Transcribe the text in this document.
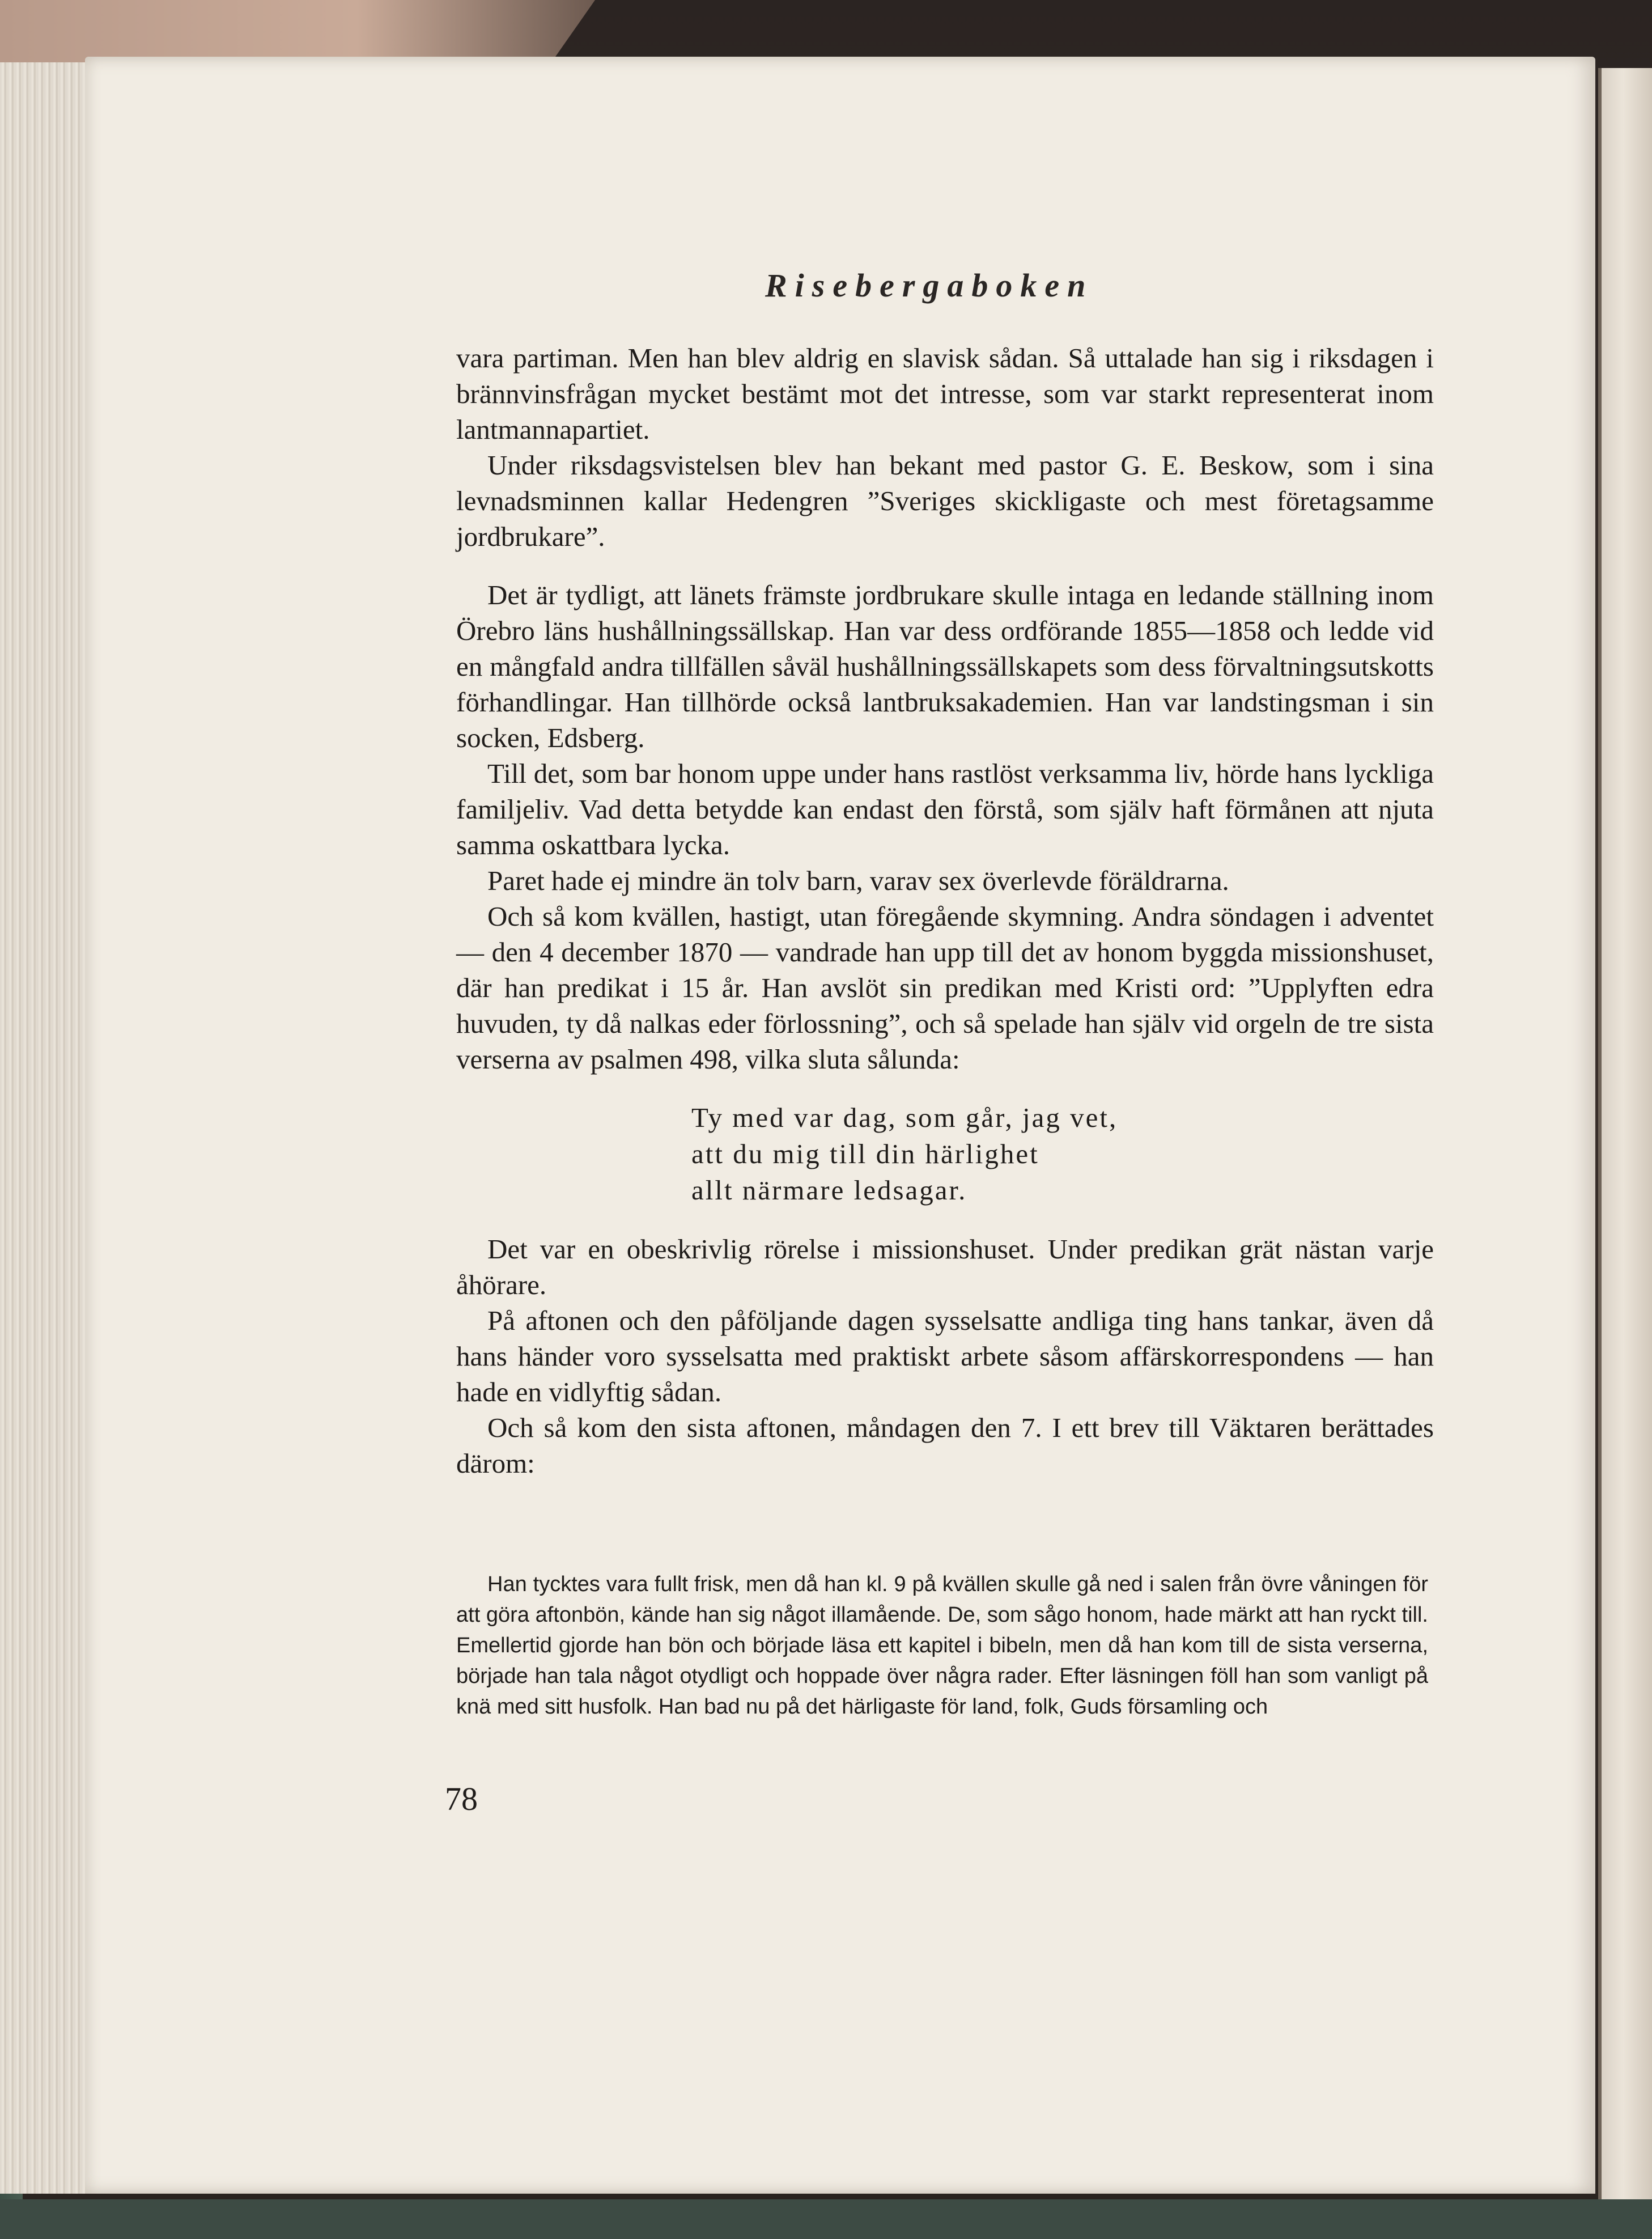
Risebergaboken

vara partiman. Men han blev aldrig en slavisk sådan. Så uttalade han sig i riksdagen i brännvinsfrågan mycket bestämt mot det intresse, som var starkt representerat inom lantmannapartiet.

Under riksdagsvistelsen blev han bekant med pastor G. E. Beskow, som i sina levnadsminnen kallar Hedengren ”Sveriges skickligaste och mest företagsamme jordbrukare”.

Det är tydligt, att länets främste jordbrukare skulle intaga en ledande ställning inom Örebro läns hushållningssällskap. Han var dess ordförande 1855—1858 och ledde vid en mångfald andra tillfällen såväl hushållningssällskapets som dess förvaltningsutskotts förhandlingar. Han tillhörde också lantbruksakademien. Han var landstingsman i sin socken, Edsberg.

Till det, som bar honom uppe under hans rastlöst verksamma liv, hörde hans lyckliga familjeliv. Vad detta betydde kan endast den förstå, som själv haft förmånen att njuta samma oskattbara lycka.

Paret hade ej mindre än tolv barn, varav sex överlevde föräldrarna.

Och så kom kvällen, hastigt, utan föregående skymning. Andra söndagen i adventet — den 4 december 1870 — vandrade han upp till det av honom byggda missionshuset, där han predikat i 15 år. Han avslöt sin predikan med Kristi ord: ”Upplyften edra huvuden, ty då nalkas eder förlossning”, och så spelade han själv vid orgeln de tre sista verserna av psalmen 498, vilka sluta sålunda:

Ty med var dag, som går, jag vet,
att du mig till din härlighet
allt närmare ledsagar.

Det var en obeskrivlig rörelse i missionshuset. Under predikan grät nästan varje åhörare.

På aftonen och den påföljande dagen sysselsatte andliga ting hans tankar, även då hans händer voro sysselsatta med praktiskt arbete såsom affärskorrespondens — han hade en vidlyftig sådan.

Och så kom den sista aftonen, måndagen den 7. I ett brev till Väktaren berättades därom:

Han tycktes vara fullt frisk, men då han kl. 9 på kvällen skulle gå ned i salen från övre våningen för att göra aftonbön, kände han sig något illamående. De, som sågo honom, hade märkt att han ryckt till. Emellertid gjorde han bön och började läsa ett kapitel i bibeln, men då han kom till de sista verserna, började han tala något otydligt och hoppade över några rader. Efter läsningen föll han som vanligt på knä med sitt husfolk. Han bad nu på det härligaste för land, folk, Guds församling och

78
